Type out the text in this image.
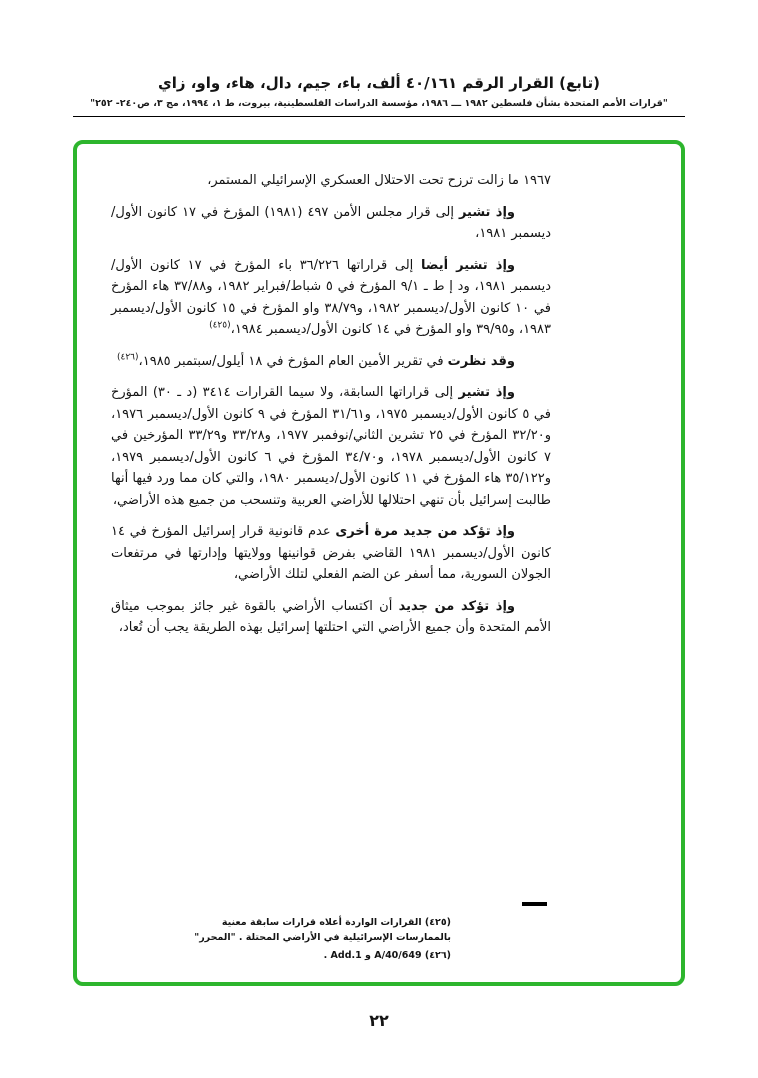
(تابع) القرار الرقم ٤٠/١٦١ ألف، باء، جيم، دال، هاء، واو، زاي
"قرارات الأمم المتحدة بشأن فلسطين ١٩٨٢ ـــ ١٩٨٦، مؤسسة الدراسات الفلسطينية، بيروت، ط ١، ١٩٩٤، مج ٣، ص٢٤٠- ٢٥٢"

١٩٦٧ ما زالت ترزح تحت الاحتلال العسكري الإسرائيلي المستمر،

وإذ تشير إلى قرار مجلس الأمن ٤٩٧ (١٩٨١) المؤرخ في ١٧ كانون الأول/ديسمبر ١٩٨١،

وإذ تشير أيضا إلى قراراتها ٣٦/٢٢٦ باء المؤرخ في ١٧ كانون الأول/ديسمبر ١٩٨١، ود إ ط ـ ٩/١ المؤرخ في ٥ شباط/فبراير ١٩٨٢، و٣٧/٨٨ هاء المؤرخ في ١٠ كانون الأول/ديسمبر ١٩٨٢، و٣٨/٧٩ واو المؤرخ في ١٥ كانون الأول/ديسمبر ١٩٨٣، و٣٩/٩٥ واو المؤرخ في ١٤ كانون الأول/ديسمبر ١٩٨٤،$^{(٤٢٥)}$

وقد نظرت في تقرير الأمين العام المؤرخ في ١٨ أيلول/سبتمبر ١٩٨٥،$^{(٤٢٦)}$

وإذ تشير إلى قراراتها السابقة، ولا سيما القرارات ٣٤١٤ (د ـ ٣٠) المؤرخ في ٥ كانون الأول/ديسمبر ١٩٧٥، و٣١/٦١ المؤرخ في ٩ كانون الأول/ديسمبر ١٩٧٦، و٣٢/٢٠ المؤرخ في ٢٥ تشرين الثاني/نوفمبر ١٩٧٧، و٣٣/٢٨ و٣٣/٢٩ المؤرخين في ٧ كانون الأول/ديسمبر ١٩٧٨، و٣٤/٧٠ المؤرخ في ٦ كانون الأول/ديسمبر ١٩٧٩، و٣٥/١٢٢ هاء المؤرخ في ١١ كانون الأول/ديسمبر ١٩٨٠، والتي كان مما ورد فيها أنها طالبت إسرائيل بأن تنهي احتلالها للأراضي العربية وتنسحب من جميع هذه الأراضي،

وإذ تؤكد من جديد مرة أخرى عدم قانونية قرار إسرائيل المؤرخ في ١٤ كانون الأول/ديسمبر ١٩٨١ القاضي بفرض قوانينها وولايتها وإدارتها في مرتفعات الجولان السورية، مما أسفر عن الضم الفعلي لتلك الأراضي،

وإذ تؤكد من جديد أن اكتساب الأراضي بالقوة غير جائز بموجب ميثاق الأمم المتحدة وأن جميع الأراضي التي احتلتها إسرائيل بهذه الطريقة يجب أن تُعاد،

(٤٢٥) القرارات الواردة أعلاه قرارات سابقة معنية بالممارسات الإسرائيلية في الأراضي المحتلة . "المحرر"

(٤٢٦) A/40/649 و Add.1 .

٢٢
